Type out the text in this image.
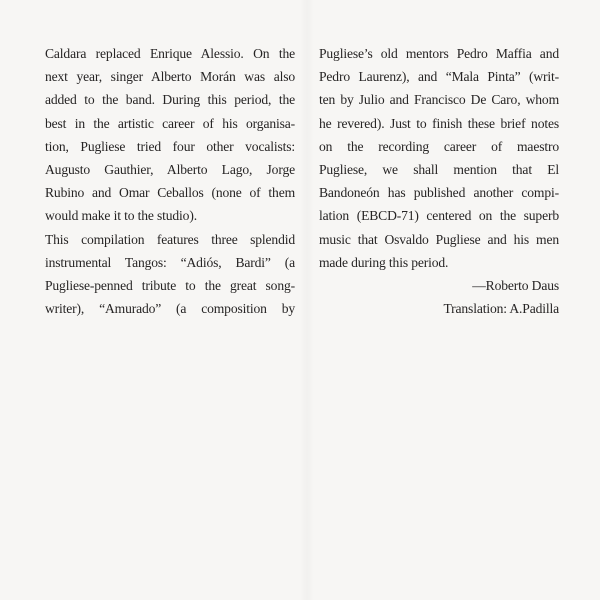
Caldara replaced Enrique Alessio. On the
next year, singer Alberto Morán was also
added to the band. During this period, the
best in the artistic career of his organisa-
tion, Pugliese tried four other vocalists:
Augusto Gauthier, Alberto Lago, Jorge
Rubino and Omar Ceballos (none of them
would make it to the studio).
This compilation features three splendid
instrumental Tangos: “Adiós, Bardi” (a
Pugliese-penned tribute to the great song-
writer), “Amurado” (a composition by
Pugliese’s old mentors Pedro Maffia and
Pedro Laurenz), and “Mala Pinta” (writ-
ten by Julio and Francisco De Caro, whom
he revered). Just to finish these brief notes
on the recording career of maestro
Pugliese, we shall mention that El
Bandoneón has published another compi-
lation (EBCD-71) centered on the superb
music that Osvaldo Pugliese and his men
made during this period.
—Roberto Daus
Translation: A.Padilla
